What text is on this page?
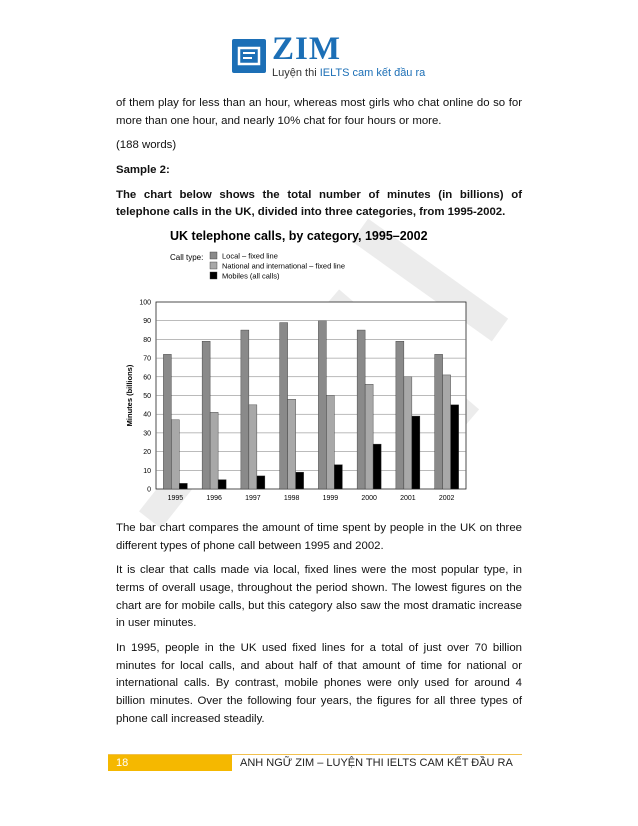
ZIM
Luyện thi IELTS cam kết đầu ra

of them play for less than an hour, whereas most girls who chat online do so for more than one hour, and nearly 10% chat for four hours or more.

(188 words)

Sample 2:

The chart below shows the total number of minutes (in billions) of telephone calls in the UK, divided into three categories, from 1995-2002.

UK telephone calls, by category, 1995–2002
Call type: Local – fixed line
National and international – fixed line
Mobiles (all calls)
Minutes (billions)
0
10
20
30
40
50
60
70
80
90
100
1995	1996	1997	1998	1999	2000	2001	2002

The bar chart compares the amount of time spent by people in the UK on three different types of phone call between 1995 and 2002.

It is clear that calls made via local, fixed lines were the most popular type, in terms of overall usage, throughout the period shown. The lowest figures on the chart are for mobile calls, but this category also saw the most dramatic increase in user minutes.

In 1995, people in the UK used fixed lines for a total of just over 70 billion minutes for local calls, and about half of that amount of time for national or international calls. By contrast, mobile phones were only used for around 4 billion minutes. Over the following four years, the figures for all three types of phone call increased steadily.

18	ANH NGỮ ZIM – LUYỆN THI IELTS CAM KẾT ĐẦU RA
